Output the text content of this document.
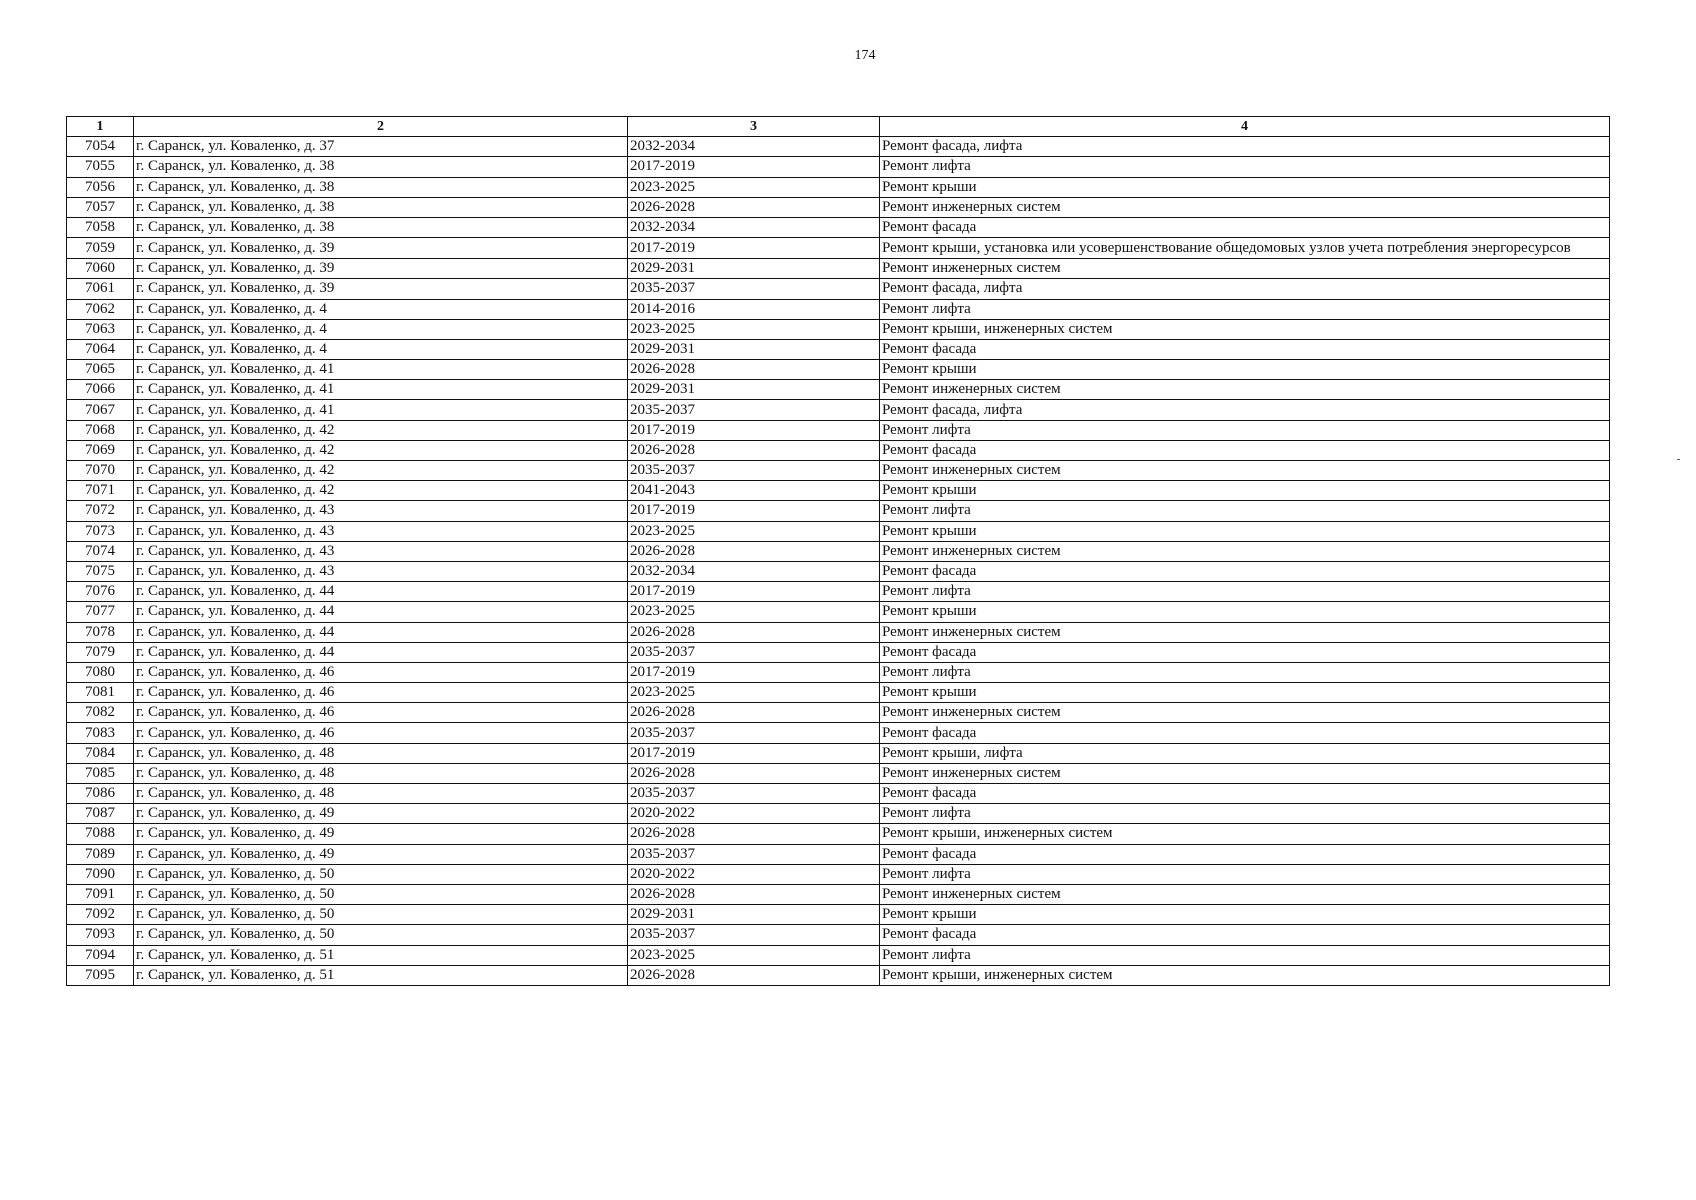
174
1	2	3	4
7054	г. Саранск, ул. Коваленко, д. 37	2032-2034	Ремонт фасада, лифта
7055	г. Саранск, ул. Коваленко, д. 38	2017-2019	Ремонт лифта
7056	г. Саранск, ул. Коваленко, д. 38	2023-2025	Ремонт крыши
7057	г. Саранск, ул. Коваленко, д. 38	2026-2028	Ремонт инженерных систем
7058	г. Саранск, ул. Коваленко, д. 38	2032-2034	Ремонт фасада
7059	г. Саранск, ул. Коваленко, д. 39	2017-2019	Ремонт крыши, установка или усовершенствование общедомовых узлов учета потребления энергоресурсов
7060	г. Саранск, ул. Коваленко, д. 39	2029-2031	Ремонт инженерных систем
7061	г. Саранск, ул. Коваленко, д. 39	2035-2037	Ремонт фасада, лифта
7062	г. Саранск, ул. Коваленко, д. 4	2014-2016	Ремонт лифта
7063	г. Саранск, ул. Коваленко, д. 4	2023-2025	Ремонт крыши, инженерных систем
7064	г. Саранск, ул. Коваленко, д. 4	2029-2031	Ремонт фасада
7065	г. Саранск, ул. Коваленко, д. 41	2026-2028	Ремонт крыши
7066	г. Саранск, ул. Коваленко, д. 41	2029-2031	Ремонт инженерных систем
7067	г. Саранск, ул. Коваленко, д. 41	2035-2037	Ремонт фасада, лифта
7068	г. Саранск, ул. Коваленко, д. 42	2017-2019	Ремонт лифта
7069	г. Саранск, ул. Коваленко, д. 42	2026-2028	Ремонт фасада
7070	г. Саранск, ул. Коваленко, д. 42	2035-2037	Ремонт инженерных систем
7071	г. Саранск, ул. Коваленко, д. 42	2041-2043	Ремонт крыши
7072	г. Саранск, ул. Коваленко, д. 43	2017-2019	Ремонт лифта
7073	г. Саранск, ул. Коваленко, д. 43	2023-2025	Ремонт крыши
7074	г. Саранск, ул. Коваленко, д. 43	2026-2028	Ремонт инженерных систем
7075	г. Саранск, ул. Коваленко, д. 43	2032-2034	Ремонт фасада
7076	г. Саранск, ул. Коваленко, д. 44	2017-2019	Ремонт лифта
7077	г. Саранск, ул. Коваленко, д. 44	2023-2025	Ремонт крыши
7078	г. Саранск, ул. Коваленко, д. 44	2026-2028	Ремонт инженерных систем
7079	г. Саранск, ул. Коваленко, д. 44	2035-2037	Ремонт фасада
7080	г. Саранск, ул. Коваленко, д. 46	2017-2019	Ремонт лифта
7081	г. Саранск, ул. Коваленко, д. 46	2023-2025	Ремонт крыши
7082	г. Саранск, ул. Коваленко, д. 46	2026-2028	Ремонт инженерных систем
7083	г. Саранск, ул. Коваленко, д. 46	2035-2037	Ремонт фасада
7084	г. Саранск, ул. Коваленко, д. 48	2017-2019	Ремонт крыши, лифта
7085	г. Саранск, ул. Коваленко, д. 48	2026-2028	Ремонт инженерных систем
7086	г. Саранск, ул. Коваленко, д. 48	2035-2037	Ремонт фасада
7087	г. Саранск, ул. Коваленко, д. 49	2020-2022	Ремонт лифта
7088	г. Саранск, ул. Коваленко, д. 49	2026-2028	Ремонт крыши, инженерных систем
7089	г. Саранск, ул. Коваленко, д. 49	2035-2037	Ремонт фасада
7090	г. Саранск, ул. Коваленко, д. 50	2020-2022	Ремонт лифта
7091	г. Саранск, ул. Коваленко, д. 50	2026-2028	Ремонт инженерных систем
7092	г. Саранск, ул. Коваленко, д. 50	2029-2031	Ремонт крыши
7093	г. Саранск, ул. Коваленко, д. 50	2035-2037	Ремонт фасада
7094	г. Саранск, ул. Коваленко, д. 51	2023-2025	Ремонт лифта
7095	г. Саранск, ул. Коваленко, д. 51	2026-2028	Ремонт крыши, инженерных систем
